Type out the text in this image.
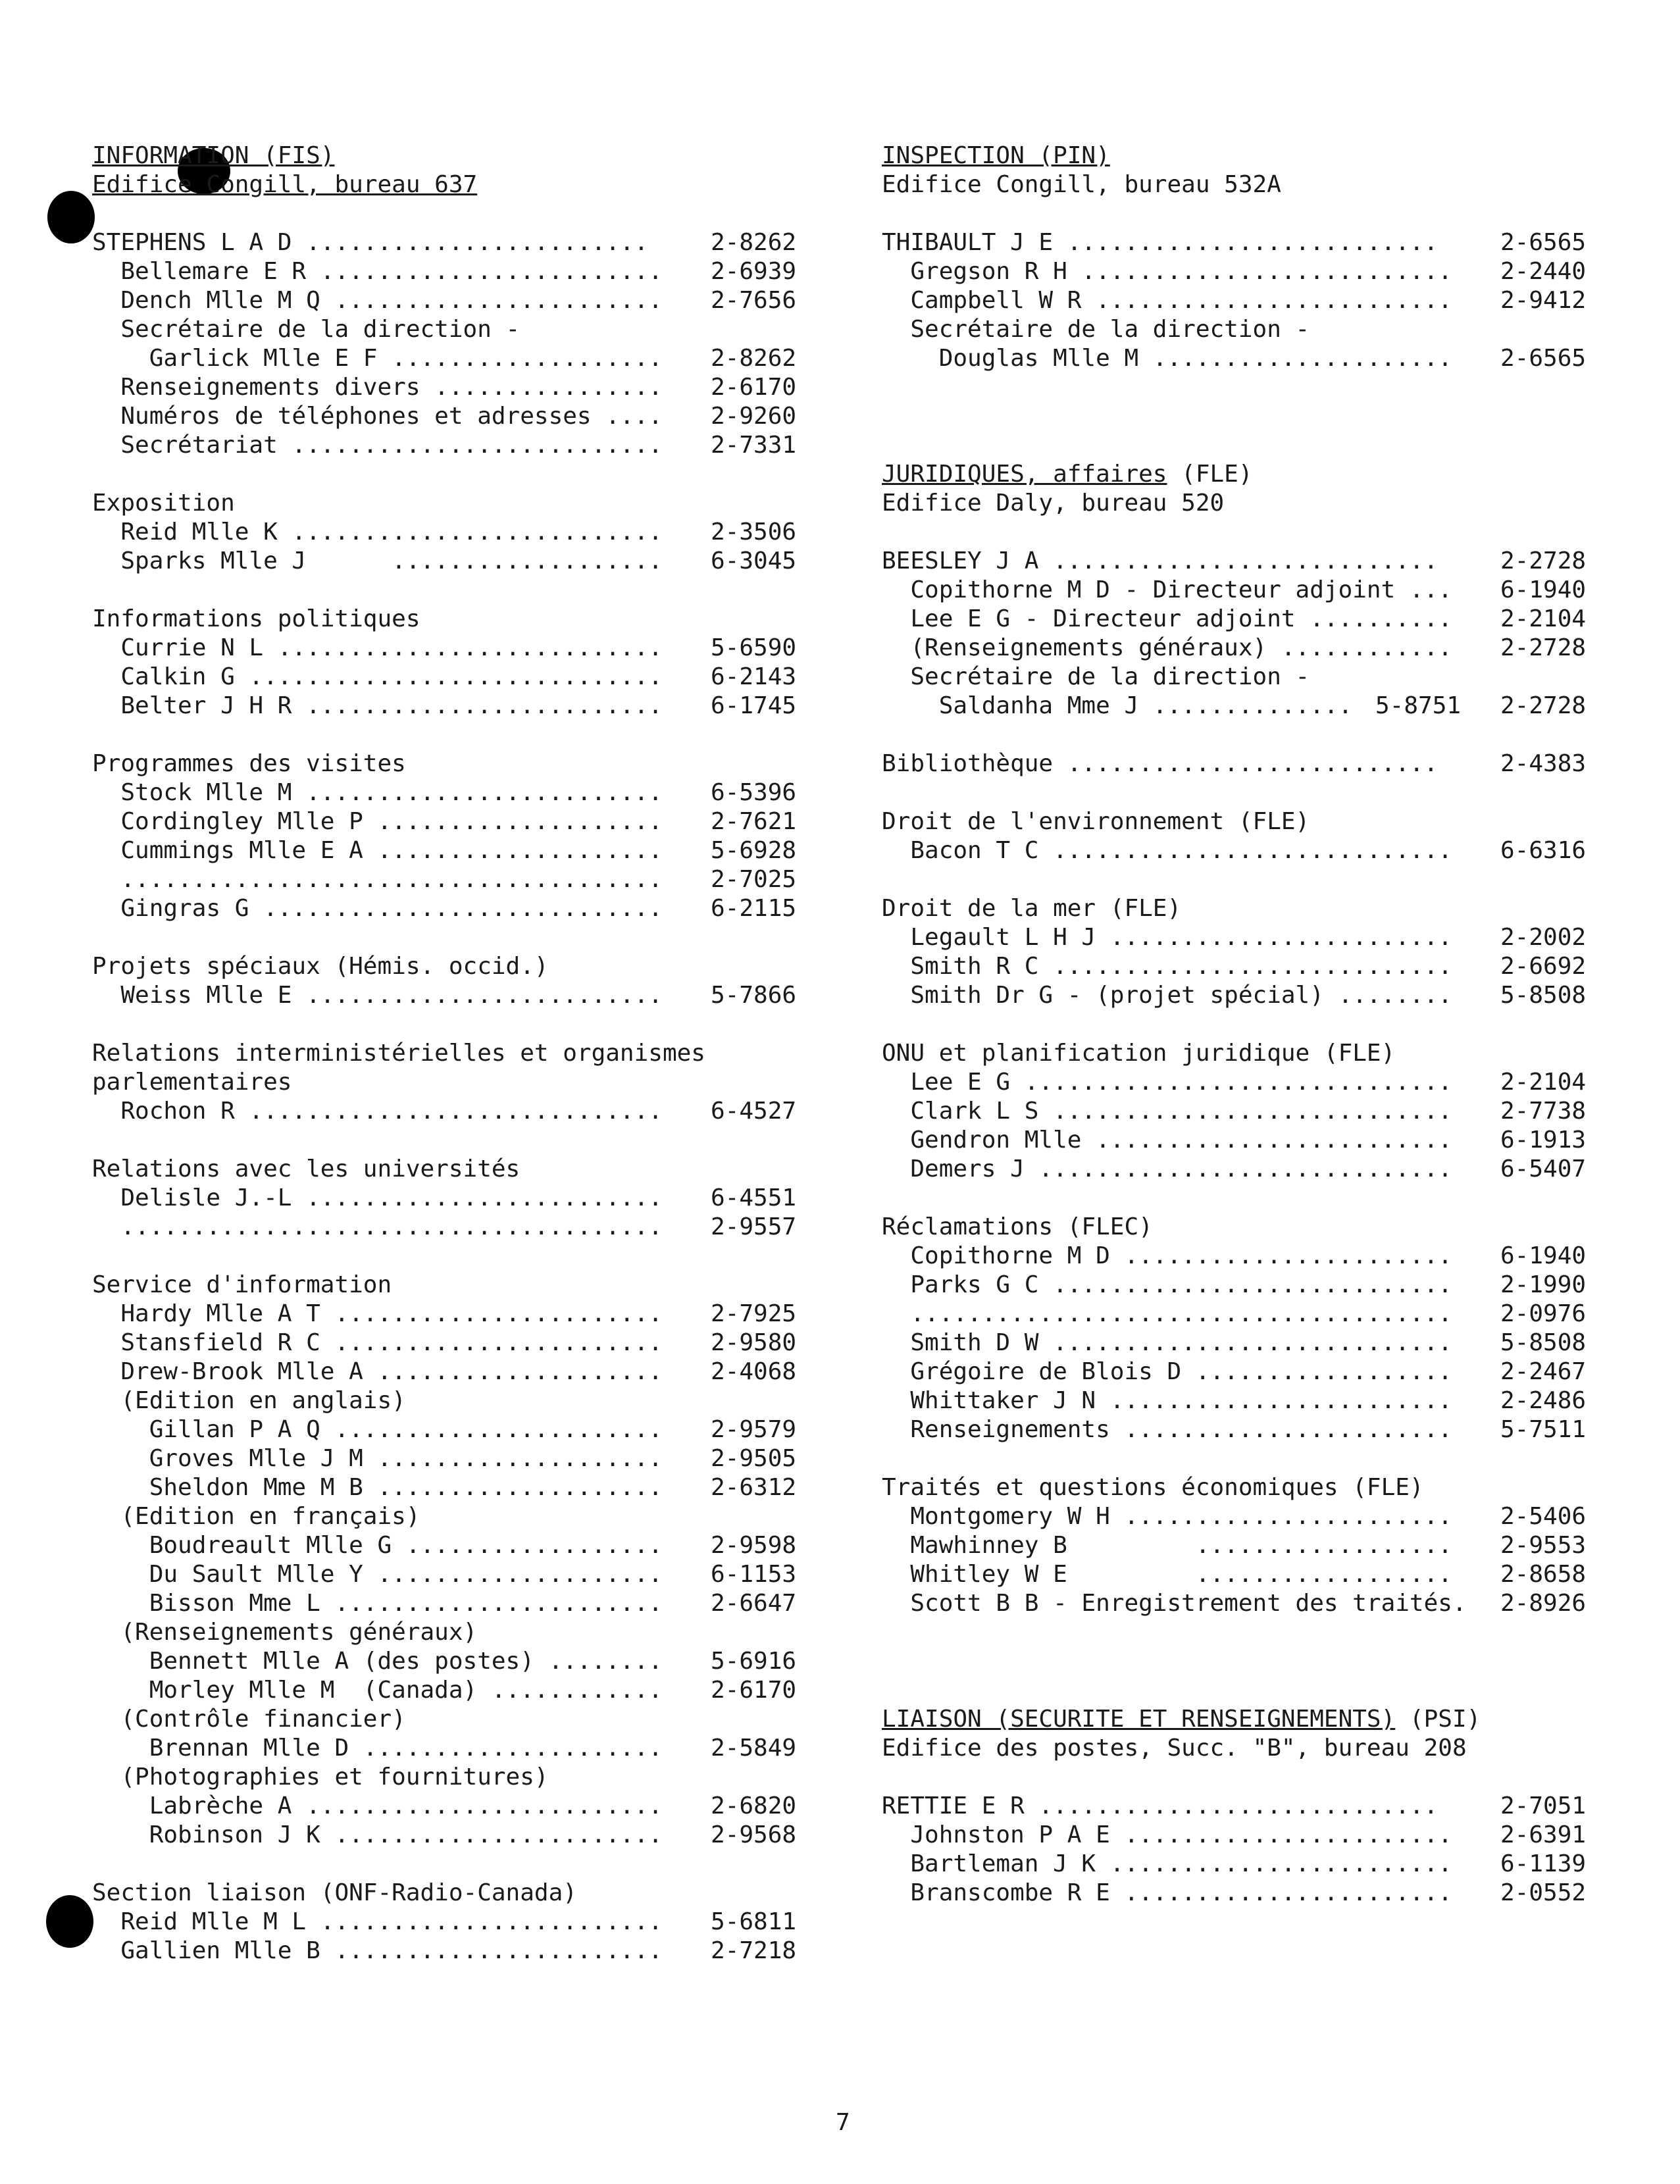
INFORMATION (FIS)
Edifice Congill, bureau 637
STEPHENS L A D ........................	2-8262
Bellemare E R ........................ 2-6939
Dench Mlle M Q ....................... 2-7656
Secrétaire de la direction -
Garlick Mlle E F ................... 2-8262
Renseignements divers ................ 2-6170
Numéros de téléphones et adresses .... 2-9260
Secrétariat .......................... 2-7331
Exposition
Reid Mlle K .......................... 2-3506
Sparks Mlle J      ................... 6-3045
Informations politiques
Currie N L ........................... 5-6590
Calkin G ............................. 6-2143
Belter J H R ......................... 6-1745
Programmes des visites
Stock Mlle M ......................... 6-5396
Cordingley Mlle P .................... 2-7621
Cummings Mlle E A .................... 5-6928
...................................... 2-7025
Gingras G ............................ 6-2115
Projets spéciaux (Hémis. occid.)
Weiss Mlle E ......................... 5-7866
Relations interministérielles et organismes
parlementaires
Rochon R ............................. 6-4527
Relations avec les universités
Delisle J.-L ......................... 6-4551
...................................... 2-9557
Service d'information
Hardy Mlle A T ....................... 2-7925
Stansfield R C ....................... 2-9580
Drew-Brook Mlle A .................... 2-4068
(Edition en anglais)
Gillan P A Q ....................... 2-9579
Groves Mlle J M .................... 2-9505
Sheldon Mme M B .................... 2-6312
(Edition en français)
Boudreault Mlle G .................. 2-9598
Du Sault Mlle Y .................... 6-1153
Bisson Mme L ....................... 2-6647
(Renseignements généraux)
Bennett Mlle A (des postes) ........ 5-6916
Morley Mlle M  (Canada) ............ 2-6170
(Contrôle financier)
Brennan Mlle D ..................... 2-5849
(Photographies et fournitures)
Labrèche A ......................... 2-6820
Robinson J K ....................... 2-9568
Section liaison (ONF-Radio-Canada)
Reid Mlle M L ........................ 5-6811
Gallien Mlle B ....................... 2-7218
INSPECTION (PIN)
Edifice Congill, bureau 532A
THIBAULT J E ..........................	2-6565
Gregson R H .......................... 2-2440
Campbell W R ......................... 2-9412
Secrétaire de la direction -
Douglas Mlle M ..................... 2-6565
JURIDIQUES, affaires (FLE)
Edifice Daly, bureau 520
BEESLEY J A ...........................	2-2728
Copithorne M D - Directeur adjoint ... 6-1940
Lee E G - Directeur adjoint .......... 2-2104
(Renseignements généraux) ............ 2-2728
Secrétaire de la direction -
Saldanha Mme J .............. 5-8751 2-2728
Bibliothèque ..........................	2-4383
Droit de l'environnement (FLE)
Bacon T C ............................ 6-6316
Droit de la mer (FLE)
Legault L H J ........................ 2-2002
Smith R C ............................ 2-6692
Smith Dr G - (projet spécial) ........ 5-8508
ONU et planification juridique (FLE)
Lee E G .............................. 2-2104
Clark L S ............................ 2-7738
Gendron Mlle ......................... 6-1913
Demers J ............................. 6-5407
Réclamations (FLEC)
Copithorne M D ....................... 6-1940
Parks G C ............................ 2-1990
...................................... 2-0976
Smith D W ............................ 5-8508
Grégoire de Blois D .................. 2-2467
Whittaker J N ........................ 2-2486
Renseignements ....................... 5-7511
Traités et questions économiques (FLE)
Montgomery W H ....................... 2-5406
Mawhinney B         .................. 2-9553
Whitley W E         .................. 2-8658
Scott B B - Enregistrement des traités. 2-8926
LIAISON (SECURITE ET RENSEIGNEMENTS) (PSI)
Edifice des postes, Succ. "B", bureau 208
RETTIE E R ............................	2-7051
Johnston P A E ....................... 2-6391
Bartleman J K ........................ 6-1139
Branscombe R E ....................... 2-0552
7
